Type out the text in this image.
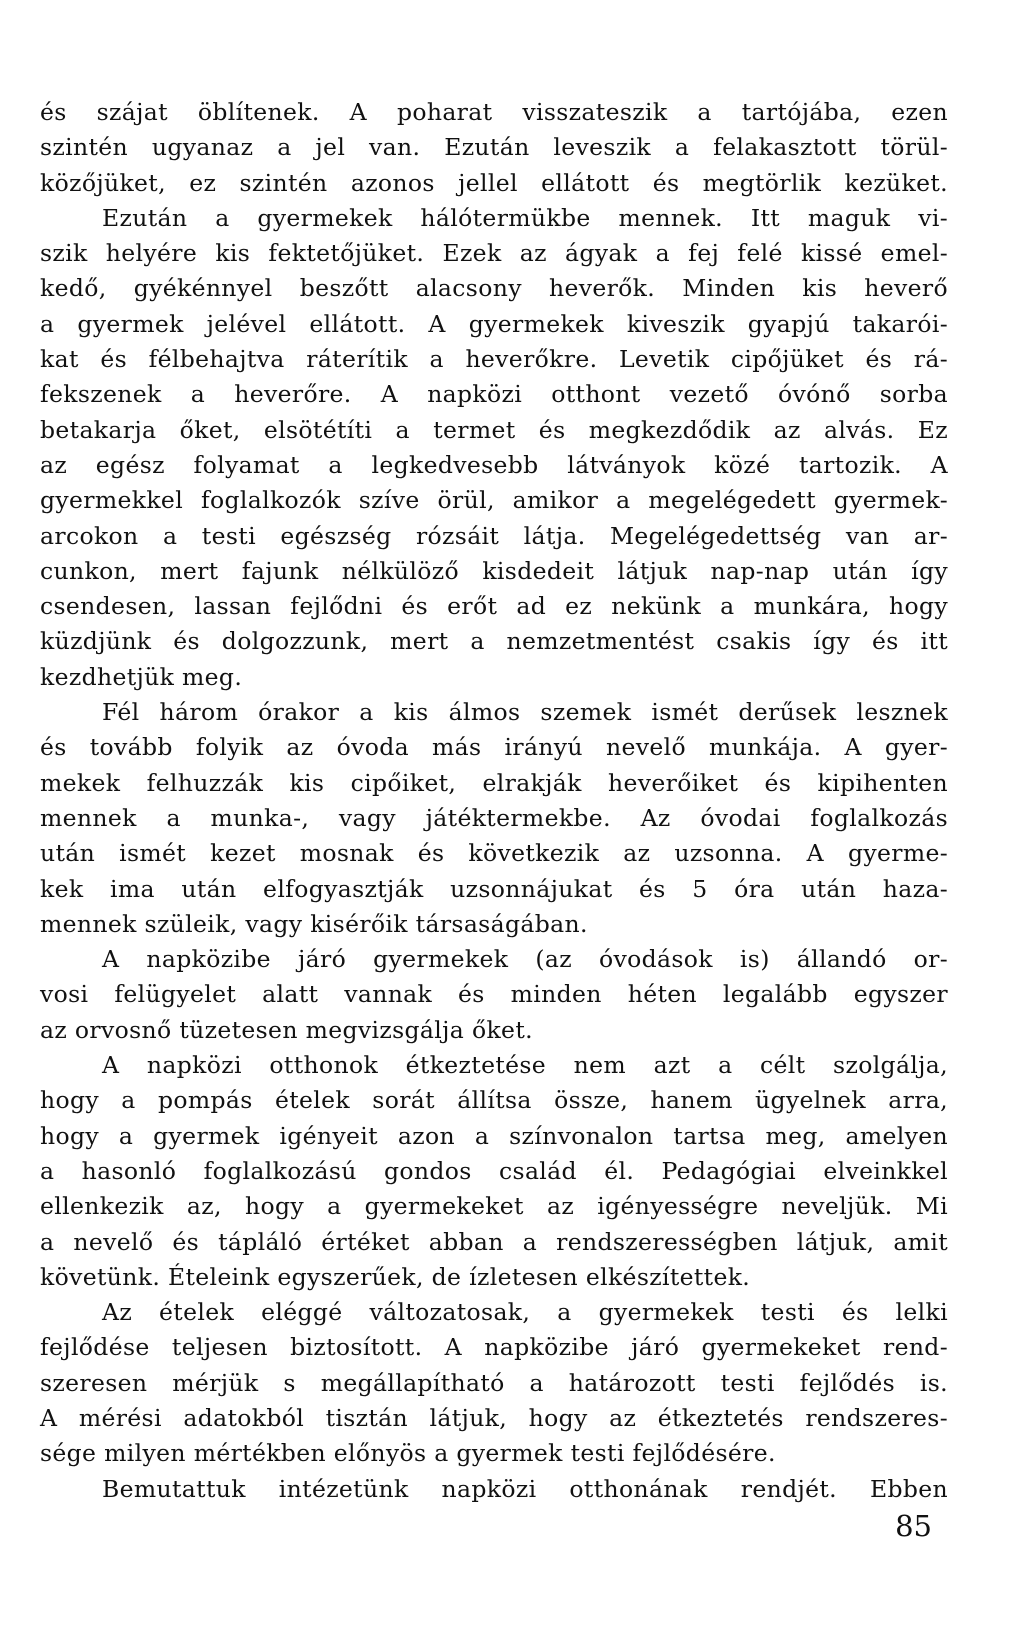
és szájat öblítenek. A poharat visszateszik a tartójába, ezen
szintén ugyanaz a jel van. Ezután leveszik a felakasztott törül-
közőjüket, ez szintén azonos jellel ellátott és megtörlik kezüket.
Ezután a gyermekek hálótermükbe mennek. Itt maguk vi-
szik helyére kis fektetőjüket. Ezek az ágyak a fej felé kissé emel-
kedő, gyékénnyel beszőtt alacsony heverők. Minden kis heverő
a gyermek jelével ellátott. A gyermekek kiveszik gyapjú takarói-
kat és félbehajtva ráterítik a heverőkre. Levetik cipőjüket és rá-
fekszenek a heverőre. A napközi otthont vezető óvónő sorba
betakarja őket, elsötétíti a termet és megkezdődik az alvás. Ez
az egész folyamat a legkedvesebb látványok közé tartozik. A
gyermekkel foglalkozók szíve örül, amikor a megelégedett gyermek-
arcokon a testi egészség rózsáit látja. Megelégedettség van ar-
cunkon, mert fajunk nélkülöző kisdedeit látjuk nap-nap után így
csendesen, lassan fejlődni és erőt ad ez nekünk a munkára, hogy
küzdjünk és dolgozzunk, mert a nemzetmentést csakis így és itt
kezdhetjük meg.
Fél három órakor a kis álmos szemek ismét derűsek lesznek
és tovább folyik az óvoda más irányú nevelő munkája. A gyer-
mekek felhuzzák kis cipőiket, elrakják heverőiket és kipihenten
mennek a munka-, vagy játéktermekbe. Az óvodai foglalkozás
után ismét kezet mosnak és következik az uzsonna. A gyerme-
kek ima után elfogyasztják uzsonnájukat és 5 óra után haza-
mennek szüleik, vagy kisérőik társaságában.
A napközibe járó gyermekek (az óvodások is) állandó or-
vosi felügyelet alatt vannak és minden héten legalább egyszer
az orvosnő tüzetesen megvizsgálja őket.
A napközi otthonok étkeztetése nem azt a célt szolgálja,
hogy a pompás ételek sorát állítsa össze, hanem ügyelnek arra,
hogy a gyermek igényeit azon a színvonalon tartsa meg, amelyen
a hasonló foglalkozású gondos család él. Pedagógiai elveinkkel
ellenkezik az, hogy a gyermekeket az igényességre neveljük. Mi
a nevelő és tápláló értéket abban a rendszerességben látjuk, amit
követünk. Ételeink egyszerűek, de ízletesen elkészítettek.
Az ételek eléggé változatosak, a gyermekek testi és lelki
fejlődése teljesen biztosított. A napközibe járó gyermekeket rend-
szeresen mérjük s megállapítható a határozott testi fejlődés is.
A mérési adatokból tisztán látjuk, hogy az étkeztetés rendszeres-
sége milyen mértékben előnyös a gyermek testi fejlődésére.
Bemutattuk intézetünk napközi otthonának rendjét. Ebben
85
